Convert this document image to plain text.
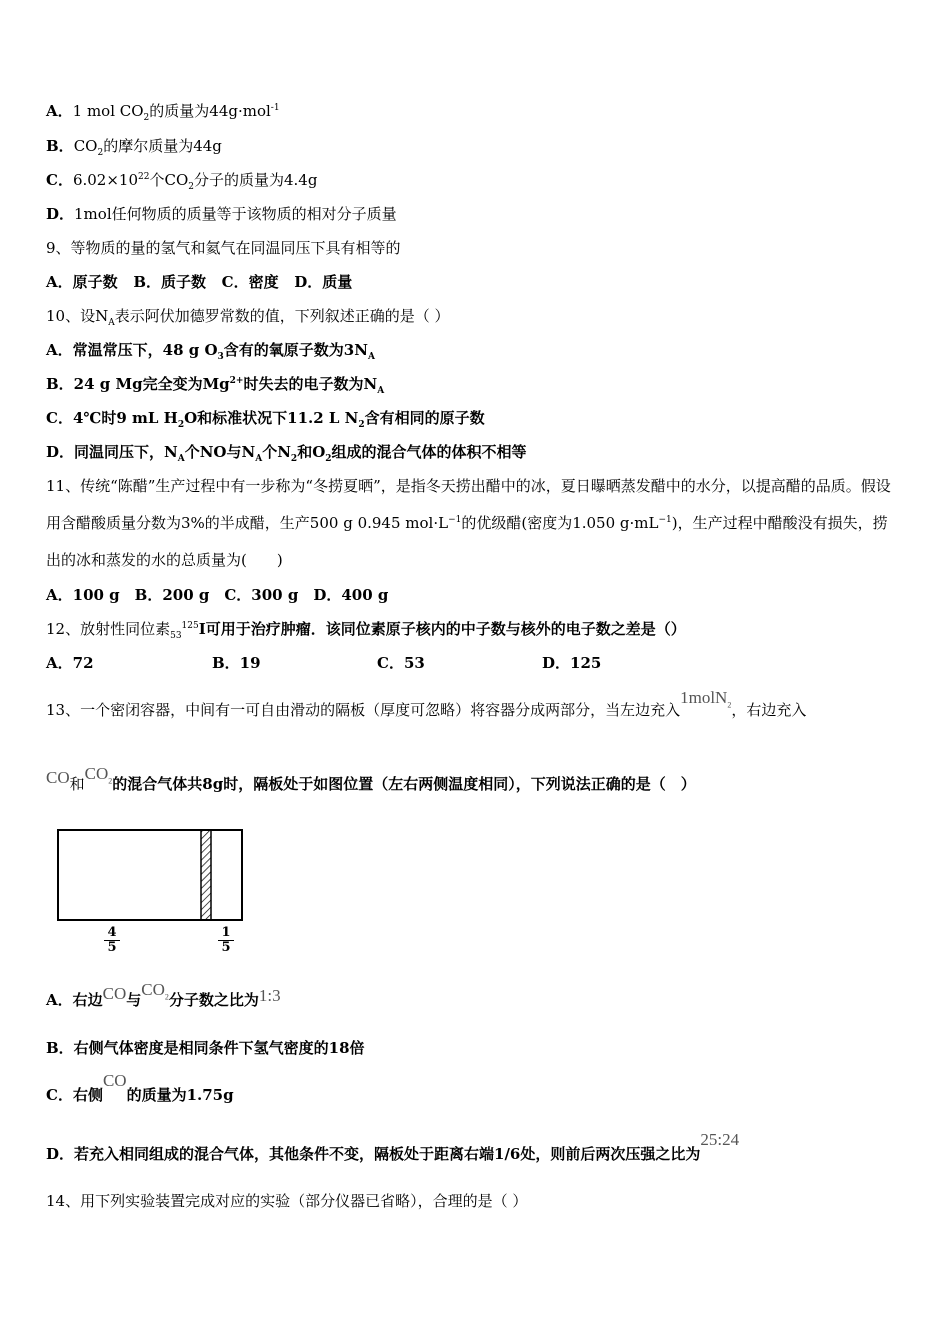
A．1 mol $CO_2$的质量为44g·mol$^{-1}$
B．$CO_2$的摩尔质量为44g
C．$6.02\times 10^{22}$个$CO_2$分子的质量为4.4g
D．1mol任何物质的质量等于该物质的相对分子质量
9、等物质的量的氢气和氦气在同温同压下具有相等的
A．原子数 B．质子数 C．密度 D．质量
10、设$N_A$表示阿伏加德罗常数的值，下列叙述正确的是（ ）
A．常温常压下，48 g $O_3$含有的氧原子数为$3N_A$
B．24 g Mg完全变为$Mg^{2+}$时失去的电子数为$N_A$
C．4℃时9 mL $H_2O$和标准状况下11.2 L $N_2$含有相同的原子数
D．同温同压下，$N_A$个NO与$N_A$个$N_2$和$O_2$组成的混合气体的体积不相等
11、传统“陈醋”生产过程中有一步称为“冬捞夏晒”，是指冬天捞出醋中的冰，夏日曝晒蒸发醋中的水分，以提高醋的品质。假设用含醋酸质量分数为3%的半成醋，生产500 g 0.945 $mol\cdot L^{-1}$的优级醋(密度为1.050 $g\cdot mL^{-1}$)，生产过程中醋酸没有损失，捞出的冰和蒸发的水的总质量为(　　)
A．100 g　B．200 g　C．300 g　D．400 g
12、放射性同位素$_{53}^{125}$I可用于治疗肿瘤．该同位素原子核内的中子数与核外的电子数之差是（）
A．72	B．19	C．53	D．125
13、一个密闭容器，中间有一可自由滑动的隔板（厚度可忽略）将容器分成两部分，当左边充入1molN$_2$，右边充入
CO和$CO_2$的混合气体共8g时，隔板处于如图位置（左右两侧温度相同），下列说法正确的是（　）
4
5
1
5
A．右边CO与$CO_2$分子数之比为1:3
B．右侧气体密度是相同条件下氢气密度的18倍
C．右侧CO的质量为1.75g
D．若充入相同组成的混合气体，其他条件不变，隔板处于距离右端1/6处，则前后两次压强之比为25:24
14、用下列实验装置完成对应的实验（部分仪器已省略），合理的是（ ）
